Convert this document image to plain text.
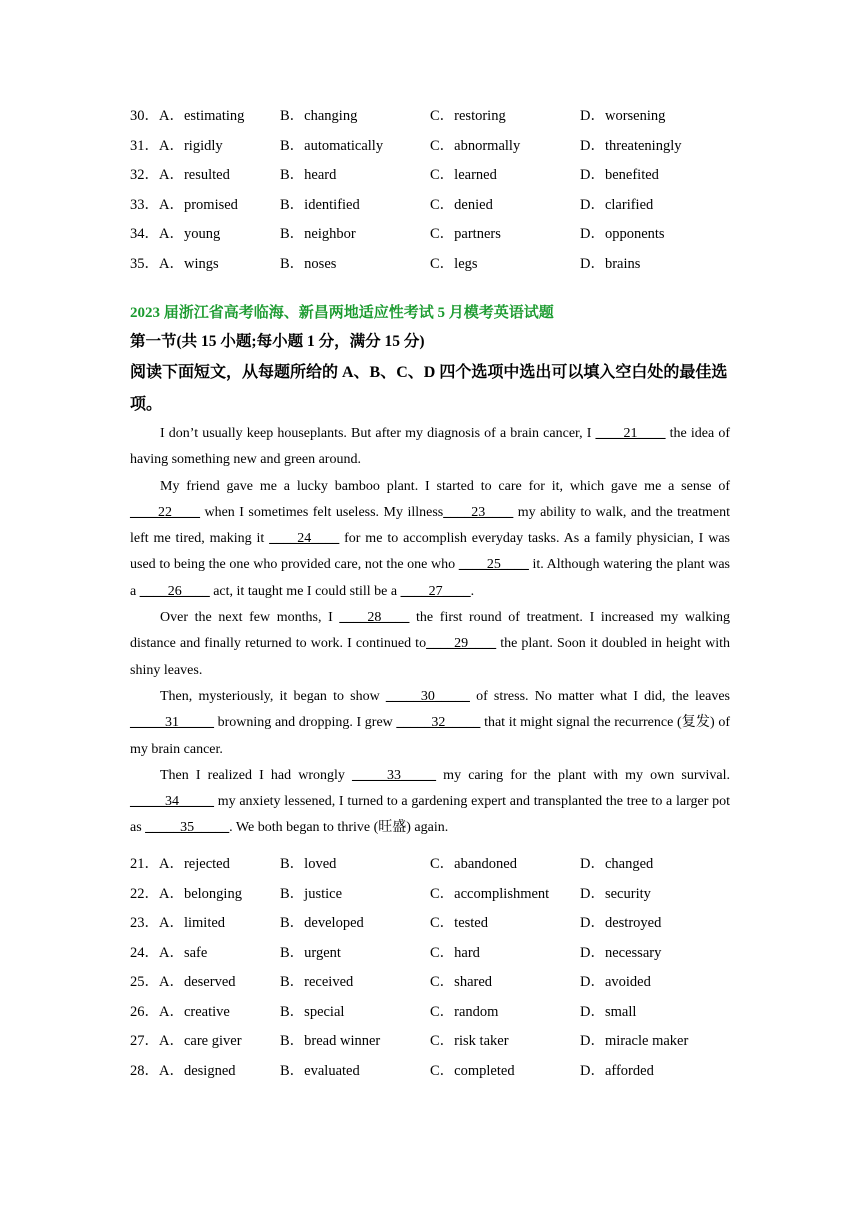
30．A．estimating	B．changing	C．restoring	D．worsening
31．A．rigidly	B．automatically	C．abnormally	D．threateningly
32．A．resulted	B．heard	C．learned	D．benefited
33．A．promised	B．identified	C．denied	D．clarified
34．A．young	B．neighbor	C．partners	D．opponents
35．A．wings	B．noses	C．legs	D．brains
2023 届浙江省高考临海、新昌两地适应性考试 5 月模考英语试题
第一节(共 15 小题;每小题 1 分，满分 15 分)
阅读下面短文，从每题所给的 A、B、C、D 四个选项中选出可以填入空白处的最佳选项。
I don’t usually keep houseplants. But after my diagnosis of a brain cancer, I ____21____ the idea of having something new and green around.
My friend gave me a lucky bamboo plant. I started to care for it, which gave me a sense of ____22____ when I sometimes felt useless. My illness____23____ my ability to walk, and the treatment left me tired, making it ____24____ for me to accomplish everyday tasks. As a family physician, I was used to being the one who provided care, not the one who ____25____ it. Although watering the plant was a ____26____ act, it taught me I could still be a ____27____.
Over the next few months, I ____28____ the first round of treatment. I increased my walking distance and finally returned to work. I continued to____29____ the plant. Soon it doubled in height with shiny leaves.
Then, mysteriously, it began to show _____30_____ of stress. No matter what I did, the leaves _____31_____ browning and dropping. I grew _____32_____ that it might signal the recurrence (复发) of my brain cancer.
Then I realized I had wrongly _____33_____ my caring for the plant with my own survival. _____34_____ my anxiety lessened, I turned to a gardening expert and transplanted the tree to a larger pot as _____35_____. We both began to thrive (旺盛) again.
21．A．rejected	B．loved	C．abandoned	D．changed
22．A．belonging	B．justice	C．accomplishment	D．security
23．A．limited	B．developed	C．tested	D．destroyed
24．A．safe	B．urgent	C．hard	D．necessary
25．A．deserved	B．received	C．shared	D．avoided
26．A．creative	B．special	C．random	D．small
27．A．care giver	B．bread winner	C．risk taker	D．miracle maker
28．A．designed	B．evaluated	C．completed	D．afforded
